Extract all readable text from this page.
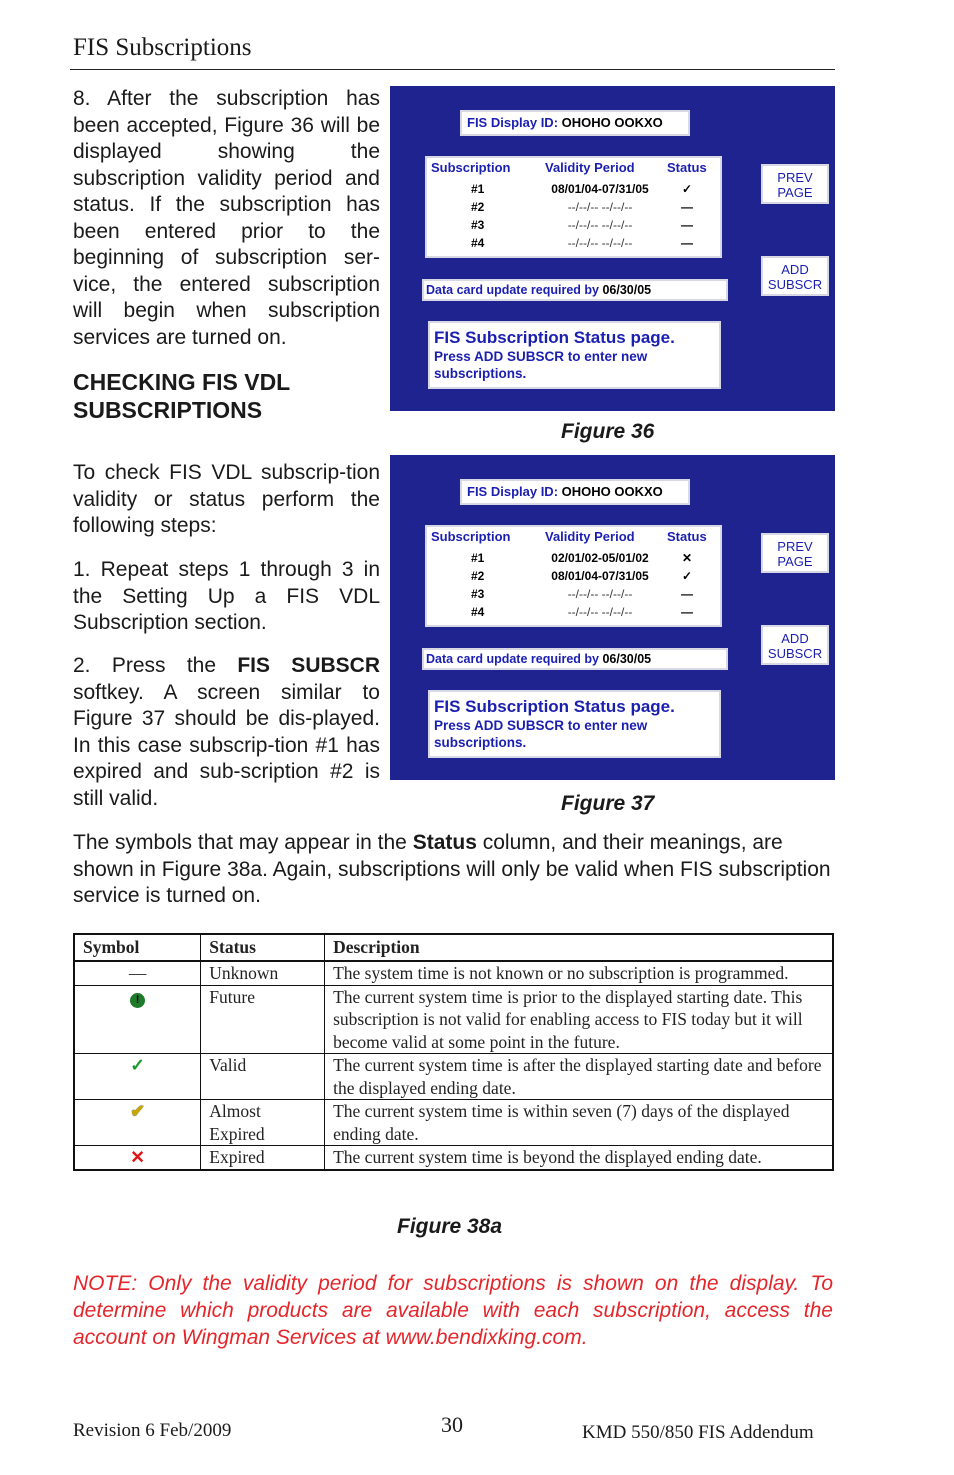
FIS Subscriptions

8. After the subscription has been accepted, Figure 36 will be displayed showing the subscription validity period and status. If the subscription has been entered prior to the beginning of subscription ser-vice, the entered subscription will begin when subscription services are turned on.

CHECKING FIS VDL
SUBSCRIPTIONS

To check FIS VDL subscrip-tion validity or status perform the following steps:

1. Repeat steps 1 through 3 in the Setting Up a FIS VDL Subscription section.

2. Press the FIS SUBSCR softkey. A screen similar to Figure 37 should be dis-played. In this case subscrip-tion #1 has expired and sub-scription #2 is still valid.

FIS Display ID: OHOHO OOKXO
Subscription	Validity Period Status
#1	08/01/04-07/31/05	✓
#2	--/--/-- --/--/--	—
#3	--/--/-- --/--/--	—
#4	--/--/-- --/--/--	—
PREV
PAGE
ADD
SUBSCR
Data card update required by 06/30/05
FIS Subscription Status page.
Press ADD SUBSCR to enter new
subscriptions.
Figure 36
FIS Display ID: OHOHO OOKXO
Subscription	Validity Period Status
#1	02/01/02-05/01/02	✕
#2	08/01/04-07/31/05	✓
#3	--/--/-- --/--/--	—
#4	--/--/-- --/--/--	—
PREV
PAGE
ADD
SUBSCR
Data card update required by 06/30/05
FIS Subscription Status page.
Press ADD SUBSCR to enter new
subscriptions.
Figure 37

The symbols that may appear in the Status column, and their meanings, are shown in Figure 38a. Again, subscriptions will only be valid when FIS subscription service is turned on.

Symbol	Status	Description
—	Unknown	The system time is not known or no subscription is programmed.
!	Future	The current system time is prior to the displayed starting date. This subscription is not valid for enabling access to FIS today but it will become valid at some point in the future.
✓	Valid	The current system time is after the displayed starting date and before the displayed ending date.
✔	Almost Expired	The current system time is within seven (7) days of the displayed ending date.
✕	Expired	The current system time is beyond the displayed ending date.
Figure 38a

NOTE: Only the validity period for subscriptions is shown on the display. To determine which products are available with each subscription, access the account on Wingman Services at www.bendixking.com.

Revision 6 Feb/2009	30	KMD 550/850 FIS Addendum
